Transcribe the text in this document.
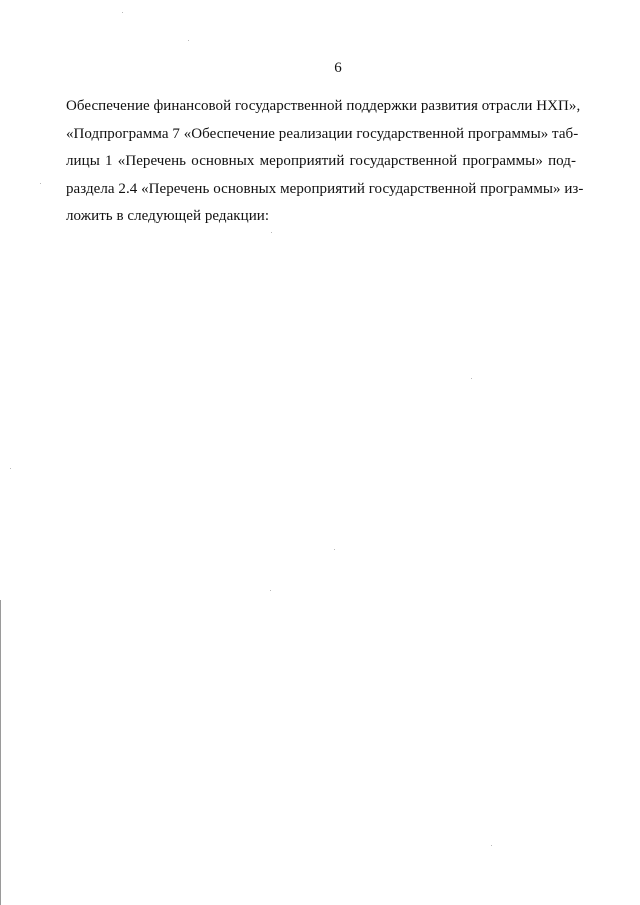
6
Обеспечение финансовой государственной поддержки развития отрасли НХП»,
«Подпрограмма 7 «Обеспечение реализации государственной программы» таб-
лицы 1 «Перечень основных мероприятий государственной программы» под-
раздела 2.4 «Перечень основных мероприятий государственной программы» из-
ложить в следующей редакции:
